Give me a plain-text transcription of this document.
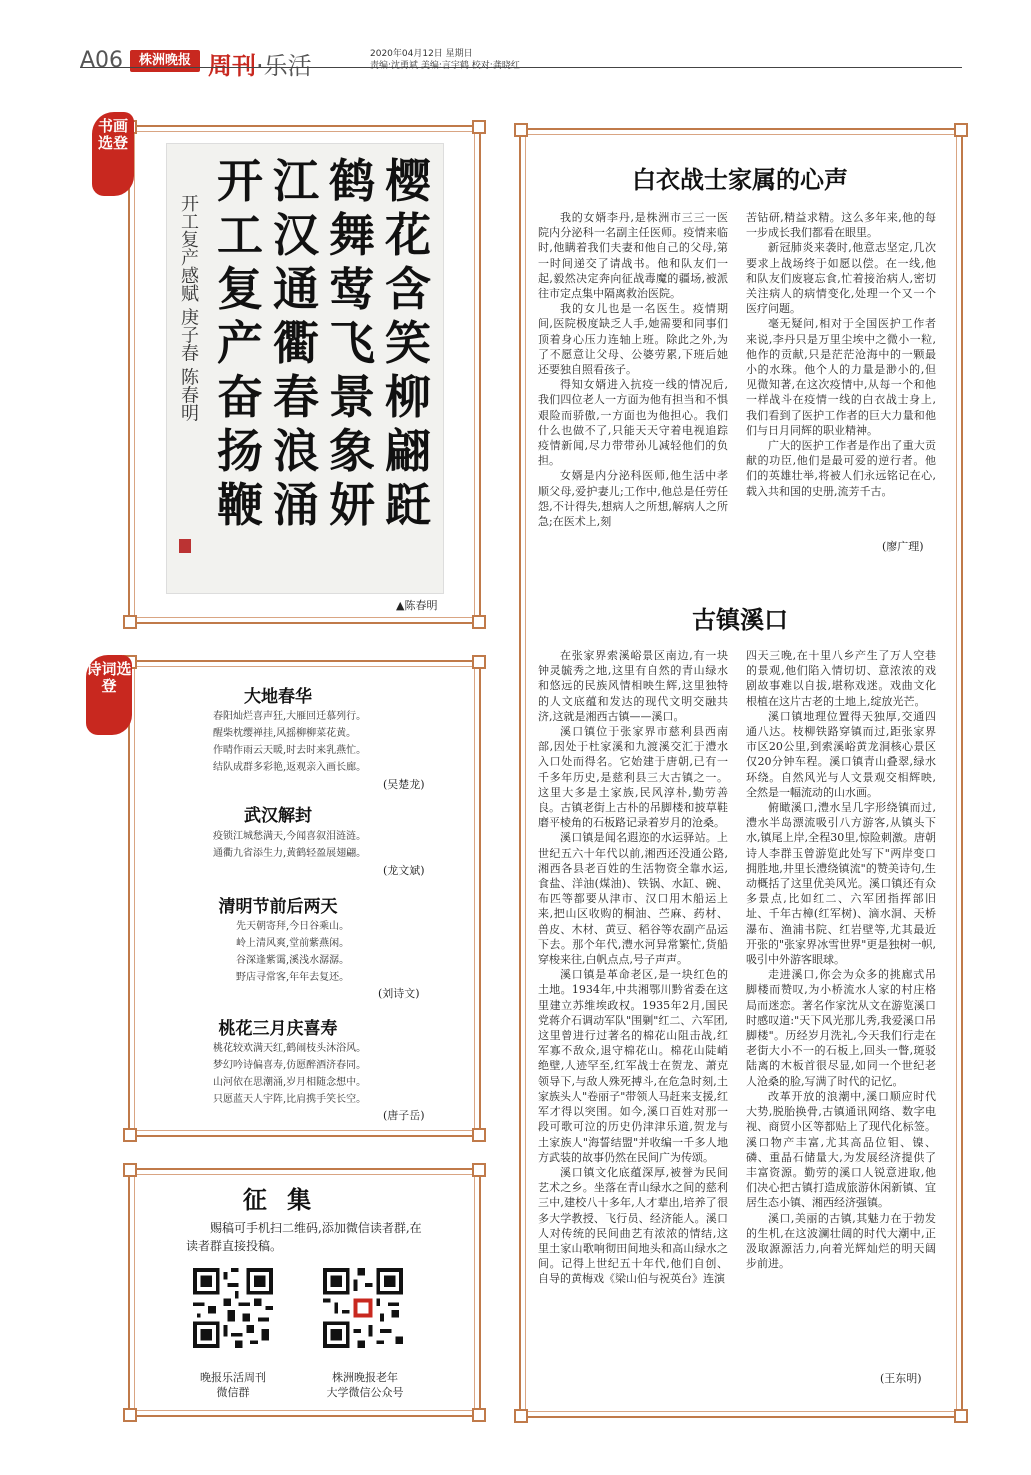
A06	株洲晚报 周刊·乐活	2020年04月12日 星期日
责编:沈勇斌 美编:言宇鹤 校对:龚晓红
书画选登
樱
花
含
笑
柳
翩
跹
鹤
舞
莺
飞
景
象
妍
江
汉
通
衢
春
浪
涌
开
工
复
产
奋
扬
鞭
开工复产感赋 庚子春 陈春明
▲陈春明
诗词选登
大地春华
春阳灿烂喜声狂,大雁回迁慕列行。
醒柴枕缨禅挂,风摇柳柳菜花黄。
作晴作雨云天暖,时去时来乳燕忙。
结队成群多彩艳,返观亲入画长廊。
(吴楚龙)
武汉解封
疫锁江城愁满天,今闻喜叙泪涟涟。
通衢九省添生力,黄鹤轻盈展翅翩。
(龙文斌)
清明节前后两天
先天朝寄拜,今日谷乘山。
岭上清风爽,堂前紫燕闲。
谷深逢紫霭,溪浅水潺潺。
野店寻常客,年年去复还。
(刘诗文)
桃花三月庆喜寿
桃花较欢满天红,鹤闹枝头沐浴风。
梦幻吟诗偏喜寿,仿愿醉酒济春同。
山河依在思潮涌,岁月相随念想中。
只愿蓝天人宇阵,比肩携手笑长空。
(唐子岳)
征 集
赐稿可手机扫二维码,添加微信读者群,在读者群直接投稿。
晚报乐活周刊
微信群
株洲晚报老年
大学微信公众号
白衣战士家属的心声

我的女婿李丹,是株洲市三三一医院内分泌科一名副主任医师。疫情来临时,他瞒着我们夫妻和他自己的父母,第一时间递交了请战书。他和队友们一起,毅然决定奔向征战毒魔的疆场,被派往市定点集中隔离救治医院。

我的女儿也是一名医生。疫情期间,医院极度缺乏人手,她需要和同事们顶着身心压力连轴上班。除此之外,为了不愿意让父母、公婆劳累,下班后她还要独自照看孩子。

得知女婿进入抗疫一线的情况后,我们四位老人一方面为他有担当和不惧艰险而骄傲,一方面也为他担心。我们什么也做不了,只能天天守着电视追踪疫情新闻,尽力带带孙儿减轻他们的负担。

女婿是内分泌科医师,他生活中孝顺父母,爱护妻儿;工作中,他总是任劳任怨,不计得失,想病人之所想,解病人之所急;在医术上,刻

苦钻研,精益求精。这么多年来,他的每一步成长我们都看在眼里。

新冠肺炎来袭时,他意志坚定,几次要求上战场终于如愿以偿。在一线,他和队友们废寝忘食,忙着接治病人,密切关注病人的病情变化,处理一个又一个医疗问题。

毫无疑问,相对于全国医护工作者来说,李丹只是万里尘埃中之微小一粒,他作的贡献,只是茫茫沧海中的一颗最小的水珠。他个人的力量是渺小的,但见微知著,在这次疫情中,从每一个和他一样战斗在疫情一线的白衣战士身上,我们看到了医护工作者的巨大力量和他们与日月同辉的职业精神。

广大的医护工作者是作出了重大贡献的功臣,他们是最可爱的逆行者。他们的英雄壮举,将被人们永远铭记在心,载入共和国的史册,流芳千古。

(廖广理)
古镇溪口

在张家界索溪峪景区南边,有一块钟灵毓秀之地,这里有自然的青山绿水和悠远的民族风情相映生辉,这里独特的人文底蕴和发达的现代文明交融共济,这就是湘西古镇——溪口。

溪口镇位于张家界市慈利县西南部,因处于杜家溪和九渡溪交汇于澧水入口处而得名。它始建于唐朝,已有一千多年历史,是慈利县三大古镇之一。这里大多是土家族,民风淳朴,勤劳善良。古镇老街上古朴的吊脚楼和披草鞋磨平棱角的石板路记录着岁月的沧桑。

溪口镇是闻名遐迩的水运驿站。上世纪五六十年代以前,湘西还没通公路,湘西各县老百姓的生活物资全靠水运,食盐、洋油(煤油)、铁锅、水缸、碗、布匹等都要从津市、汉口用木船运上来,把山区收购的桐油、苎麻、药材、兽皮、木材、黄豆、稻谷等农副产品运下去。那个年代,澧水河异常繁忙,货船穿梭来往,白帆点点,号子声声。

溪口镇是革命老区,是一块红色的土地。1934年,中共湘鄂川黔省委在这里建立苏维埃政权。1935年2月,国民党蒋介石调动军队"围剿"红二、六军团,这里曾进行过著名的棉花山阻击战,红军寡不敌众,退守棉花山。棉花山陡峭绝壁,人迹罕至,红军战士在贺龙、萧克领导下,与敌人殊死搏斗,在危急时刻,土家族头人"卷丽子"带领人马赶来支援,红军才得以突围。如今,溪口百姓对那一段可歌可泣的历史仍津津乐道,贺龙与土家族人"海誓结盟"并收编一千多人地方武装的故事仍然在民间广为传颂。

溪口镇文化底蕴深厚,被誉为民间艺术之乡。坐落在青山绿水之间的慈利三中,建校八十多年,人才辈出,培养了很多大学教授、飞行员、经济能人。溪口人对传统的民间曲艺有浓浓的情结,这里土家山歌响彻田间地头和高山绿水之间。记得上世纪五十年代,他们自创、自导的黄梅戏《梁山伯与祝英台》连演

四天三晚,在十里八乡产生了万人空巷的景观,他们陷入情切切、意浓浓的戏剧故事难以自拔,堪称戏迷。戏曲文化根植在这片古老的土地上,绽放光芒。

溪口镇地理位置得天独厚,交通四通八达。枝柳铁路穿镇而过,距张家界市区20公里,到索溪峪黄龙洞核心景区仅20分钟车程。溪口镇青山叠翠,绿水环绕。自然风光与人文景观交相辉映,全然是一幅流动的山水画。

俯瞰溪口,澧水呈几字形绕镇而过,澧水半岛漂流吸引八方游客,从镇头下水,镇尾上岸,全程30里,惊险刺激。唐朝诗人李群玉曾游览此处写下"两岸变口拥胜地,井里长澧绕镇流"的赞美诗句,生动概括了这里优美风光。溪口镇还有众多景点,比如红二、六军团指挥部旧址、千年古樟(红军树)、滴水洞、天桥瀑布、渔浦书院、红岩壁等,尤其最近开张的"张家界冰雪世界"更是独树一帜,吸引中外游客眼球。

走进溪口,你会为众多的挑廊式吊脚楼而赞叹,为小桥流水人家的村庄格局而迷恋。著名作家沈从文在游览溪口时感叹道:"天下风光那儿秀,我爱溪口吊脚楼"。历经岁月洗礼,今天我们行走在老街大小不一的石板上,回头一瞥,斑驳陆离的木板首很尽显,如同一个世纪老人沧桑的脸,写满了时代的记忆。

改革开放的浪潮中,溪口顺应时代大势,脱胎换骨,古镇通讯网络、数字电视、商贸小区等都贴上了现代化标签。溪口物产丰富,尤其高品位钼、镍、磷、重晶石储量大,为发展经济提供了丰富资源。勤劳的溪口人锐意进取,他们决心把古镇打造成旅游休闲新镇、宜居生态小镇、湘西经济强镇。

溪口,美丽的古镇,其魅力在于勃发的生机,在这波澜壮阔的时代大潮中,正汲取源源活力,向着光辉灿烂的明天阔步前进。

(王东明)
